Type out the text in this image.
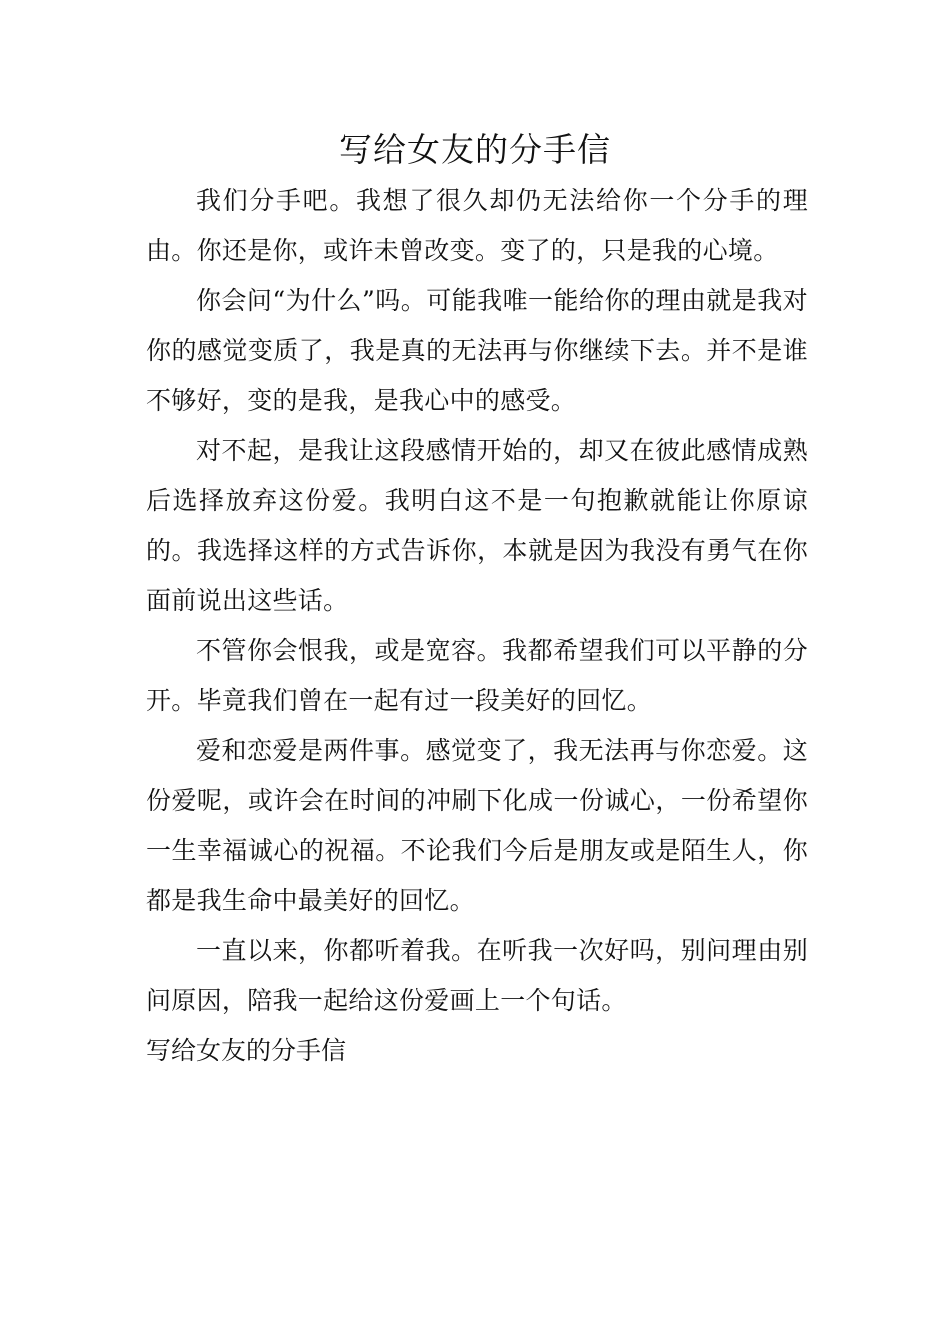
写给女友的分手信

我们分手吧。我想了很久却仍无法给你一个分手的理由。你还是你，或许未曾改变。变了的，只是我的心境。

你会问“为什么”吗。可能我唯一能给你的理由就是我对你的感觉变质了，我是真的无法再与你继续下去。并不是谁不够好，变的是我，是我心中的感受。

对不起，是我让这段感情开始的，却又在彼此感情成熟后选择放弃这份爱。我明白这不是一句抱歉就能让你原谅的。我选择这样的方式告诉你，本就是因为我没有勇气在你面前说出这些话。

不管你会恨我，或是宽容。我都希望我们可以平静的分开。毕竟我们曾在一起有过一段美好的回忆。

爱和恋爱是两件事。感觉变了，我无法再与你恋爱。这份爱呢，或许会在时间的冲刷下化成一份诚心，一份希望你一生幸福诚心的祝福。不论我们今后是朋友或是陌生人，你都是我生命中最美好的回忆。

一直以来，你都听着我。在听我一次好吗，别问理由别问原因，陪我一起给这份爱画上一个句话。

写给女友的分手信
